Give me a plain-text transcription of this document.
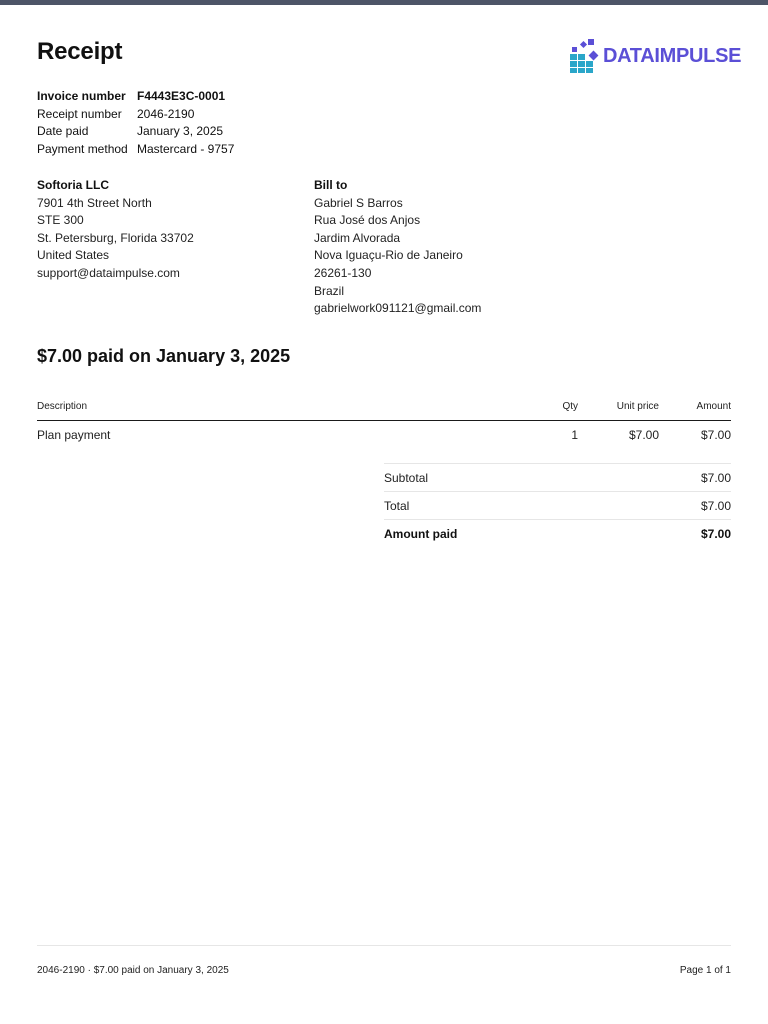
Receipt	DATAIMPULSE
Invoice number F4443E3C-0001
Receipt number	2046-2190
Date paid	January 3, 2025
Payment method Mastercard - 9757
Softoria LLC
7901 4th Street North
STE 300
St. Petersburg, Florida 33702
United States
support@dataimpulse.com
Bill to
Gabriel S Barros
Rua José dos Anjos
Jardim Alvorada
Nova Iguaçu-Rio de Janeiro
26261-130
Brazil
gabrielwork091121@gmail.com
$7.00 paid on January 3, 2025
Description	Qty	Unit price	Amount
Plan payment	1	$7.00	$7.00
Subtotal	$7.00
Total	$7.00
Amount paid	$7.00
2046-2190 · $7.00 paid on January 3, 2025	Page 1 of 1
